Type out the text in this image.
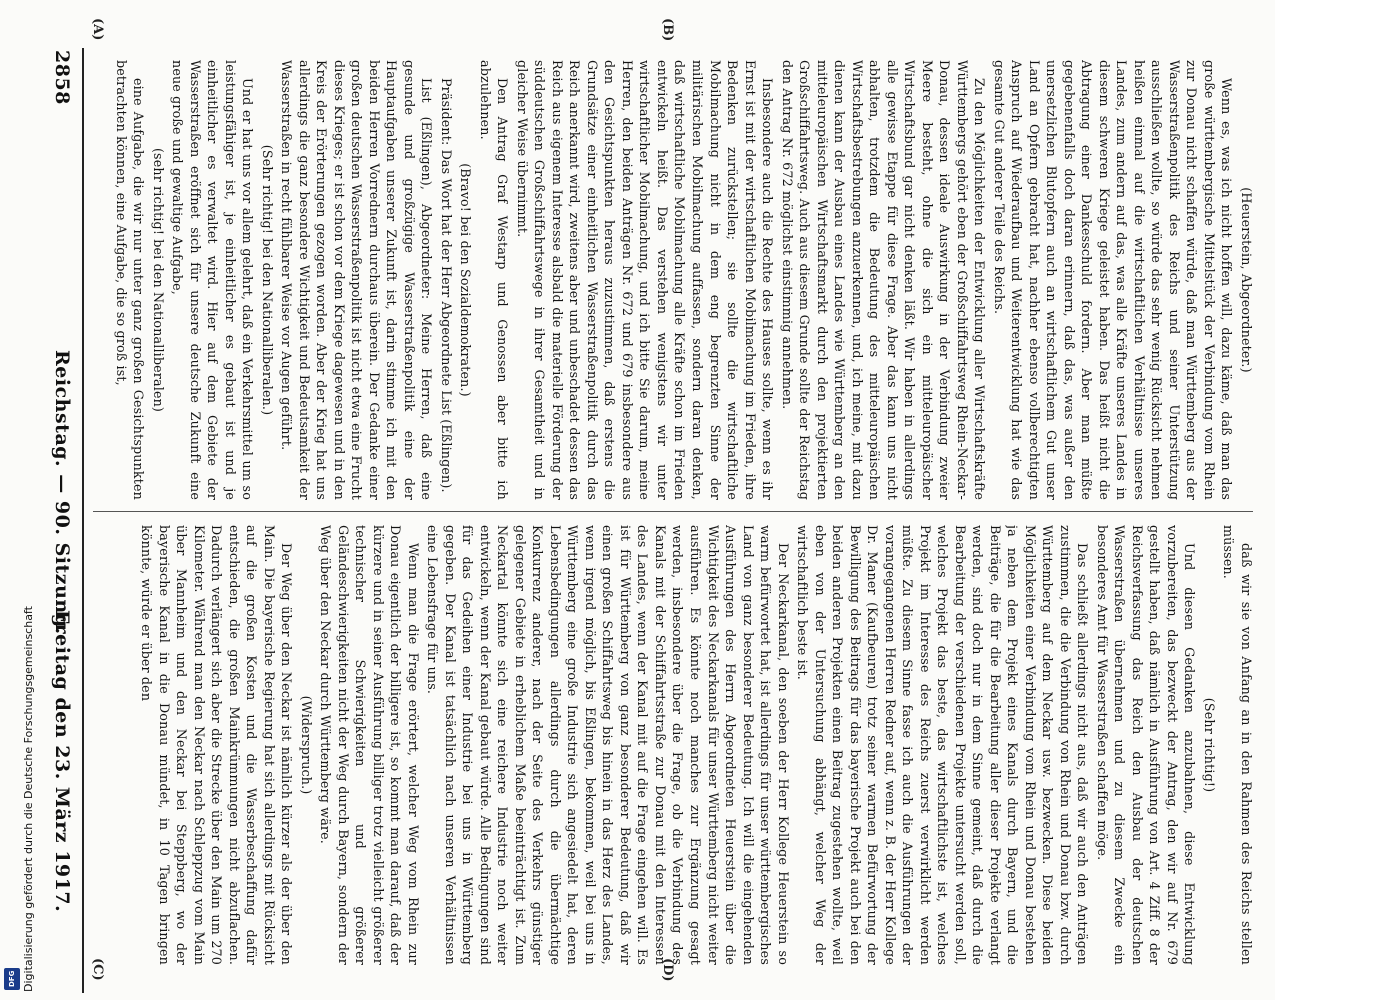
(Heuerstein, Abgeordneter.)

Wenn es, was ich nicht hoffen will, dazu käme, daß man das große württembergische Mittelstück der Verbindung vom Rhein zur Donau nicht schaffen würde, daß man Württemberg aus der Wasserstraßenpolitik des Reichs und seiner Unterstützung ausschließen wollte, so würde das sehr wenig Rücksicht nehmen heißen einmal auf die wirtschaftlichen Verhältnisse unseres Landes, zum andern auf das, was alle Kräfte unseres Landes in diesem schweren Kriege geleistet haben. Das heißt nicht die Abtragung einer Dankesschuld fordern. Aber man müßte gegebenenfalls doch daran erinnern, daß das, was außer den unersetzlichen Blutopfern auch an wirtschaftlichem Gut unser Land an Opfern gebracht hat, nachher ebenso vollberechtigten Anspruch auf Wiederaufbau und Weiterentwicklung hat wie das gesamte Gut anderer Teile des Reichs.

Zu den Möglichkeiten der Entwicklung aller Wirtschaftskräfte Württembergs gehört eben der Großschiffahrtsweg Rhein-Neckar-Donau, dessen ideale Auswirkung in der Verbindung zweier Meere besteht, ohne die sich ein mitteleuropäischer Wirtschaftsbund gar nicht denken läßt. Wir haben in allerdings alle gewisse Etappe für diese Frage. Aber das kann uns nicht abhalten, trotzdem die Bedeutung des mitteleuropäischen Wirtschaftsbestrebungen anzuerkennen, und, ich meine, mit dazu dienen kann der Ausbau eines Landes wie Württemberg an den mitteleuropäischen Wirtschaftsmarkt durch den projektierten Großschiffahrtsweg. Auch aus diesem Grunde sollte der Reichstag den Antrag Nr. 672 möglichst einstimmig annehmen.

Insbesondere auch die Rechte des Hauses sollte, wenn es ihr Ernst ist mit der wirtschaftlichen Mobilmachung im Frieden, ihre Bedenken zurückstellen; sie sollte die wirtschaftliche Mobilmachung nicht in dem eng begrenzten Sinne der militärischen Mobilmachung auffassen, sondern daran denken, daß wirtschaftliche Mobilmachung alle Kräfte schon im Frieden entwickeln heißt. Das verstehen wenigstens wir unter wirtschaftlicher Mobilmachung, und ich bitte Sie darum, meine Herren, den beiden Anträgen Nr. 672 und 679 insbesondere aus den Gesichtspunkten heraus zuzustimmen, daß erstens die Grundsätze einer einheitlichen Wasserstraßenpolitik durch das Reich anerkannt wird, zweitens aber und unbeschadet dessen das Reich aus eigenem Interesse alsbald die materielle Förderung der süddeutschen Großschiffahrtswege in ihrer Gesamtheit und in gleicher Weise übernimmt.

Den Antrag Graf Westarp und Genossen aber bitte ich abzulehnen.

(Bravo! bei den Sozialdemokraten.)

Präsident: Das Wort hat der Herr Abgeordnete List (Eßlingen).

List (Eßlingen), Abgeordneter: Meine Herren, daß eine gesunde und großzügige Wasserstraßenpolitik eine der Hauptaufgaben unserer Zukunft ist, darin stimme ich mit den beiden Herren Vorrednern durchaus überein. Der Gedanke einer großen deutschen Wasserstraßenpolitik ist nicht etwa eine Frucht dieses Krieges; er ist schon vor dem Kriege dagewesen und in den Kreis der Erörterungen gezogen worden. Aber der Krieg hat uns allerdings die ganz besondere Wichtigkeit und Bedeutsamkeit der Wasserstraßen in recht fühlbarer Weise vor Augen geführt.

(Sehr richtig! bei den Nationalliberalen.)

Und er hat uns vor allem gelehrt, daß ein Verkehrsmittel um so leistungsfähiger ist, je einheitlicher es gebaut ist und je einheitlicher es verwaltet wird. Hier auf dem Gebiete der Wasserstraßen eröffnet sich für unsere deutsche Zukunft eine neue große und gewaltige Aufgabe,

(sehr richtig! bei den Nationalliberalen)

eine Aufgabe, die wir nur unter ganz großen Gesichtspunkten betrachten können, eine Aufgabe, die so groß ist,

daß wir sie von Anfang an in den Rahmen des Reichs stellen müssen.

(Sehr richtig!)

Und diesen Gedanken anzubahnen, diese Entwicklung vorzubereiten, das bezweckt der Antrag, den wir auf Nr. 679 gestellt haben, daß nämlich in Ausführung von Art. 4 Ziff. 8 der Reichsverfassung das Reich den Ausbau der deutschen Wasserstraßen übernehmen und zu diesem Zwecke ein besonderes Amt für Wasserstraßen schaffen möge.

Das schließt allerdings nicht aus, daß wir auch den Anträgen zustimmen, die die Verbindung von Rhein und Donau bzw. durch Württemberg auf dem Neckar usw. bezwecken. Diese beiden Möglichkeiten einer Verbindung vom Rhein und Donau bestehen ja neben dem Projekt eines Kanals durch Bayern, und die Beiträge, die für die Bearbeitung aller dieser Projekte verlangt werden, sind doch nur in dem Sinne gemeint, daß durch die Bearbeitung der verschiedenen Projekte untersucht werden soll, welches Projekt das beste, das wirtschaftlichste ist, welches Projekt im Interesse des Reichs zuerst verwirklicht werden müßte. Zu diesem Sinne fasse ich auch die Ausführungen der vorangegangenen Herren Redner auf, wenn z. B. der Herr Kollege Dr. Maner (Kaufbeuren) trotz seiner warmen Befürwortung der Bewilligung des Beitrags für das bayerische Projekt auch bei den beiden anderen Projekten einen Beitrag zugestehen wollte, weil eben von der Untersuchung abhängt, welcher Weg der wirtschaftlich beste ist.

Der Neckarkanal, den soeben der Herr Kollege Heuerstein so warm befürwortet hat, ist allerdings für unser württembergisches Land von ganz besonderer Bedeutung. Ich will die eingehenden Ausführungen des Herrn Abgeordneten Heuerstein über die Wichtigkeit des Neckarkanals für unser Württemberg nicht weiter ausführen. Es könnte noch manches zur Ergänzung gesagt werden, insbesondere über die Frage, ob die Verbindung des Kanals mit der Schiffahrtsstraße zur Donau mit den Interessen des Landes, wenn der Kanal mit auf die Frage eingehen will. Es ist für Württemberg von ganz besonderer Bedeutung, daß wir einen großen Schiffahrtsweg bis hinein in das Herz des Landes, wenn irgend möglich, bis Eßlingen, bekommen, weil bei uns in Württemberg eine große Industrie sich angesiedelt hat, deren Lebensbedingungen allerdings durch die übermächtige Konkurrenz anderer, nach der Seite des Verkehrs günstiger gelegener Gebiete in erheblichem Maße beeinträchtigt ist. Zum Neckartal könnte sich eine reichere Industrie noch weiter entwickeln, wenn der Kanal gebaut würde. Alle Bedingungen sind für das Gedeihen einer Industrie bei uns in Württemberg gegeben. Der Kanal ist tatsächlich nach unseren Verhältnissen eine Lebensfrage für uns.

Wenn man die Frage erörtert, welcher Weg vom Rhein zur Donau eigentlich der billigere ist, so kommt man darauf, daß der kürzere und in seiner Ausführung billiger trotz vielleicht größerer technischer Schwierigkeiten und größerer Geländeschwierigkeiten nicht der Weg durch Bayern, sondern der Weg über den Neckar durch Württemberg wäre.

(Widerspruch.)

Der Weg über den Neckar ist nämlich kürzer als der über den Main. Die bayerische Regierung hat sich allerdings mit Rücksicht auf die großen Kosten und die Wasserbeschaffung dafür entschieden, die großen Mainkrümmungen nicht abzuflachen. Dadurch verlängert sich aber die Strecke über den Main um 270 Kilometer. Während man den Neckar nach Schleppzug vom Main über Mannheim und den Neckar bei Steppberg, wo der bayerische Kanal in die Donau mündet, in 10 Tagen bringen könnte, würde er über den

(A)	(B)
(C)	(D)
2858
Reichstag. — 90. Sitzung.
Freitag den 23. März 1917.
Digitalisierung gefördert durch die Deutsche Forschungsgemeinschaft
DFG
